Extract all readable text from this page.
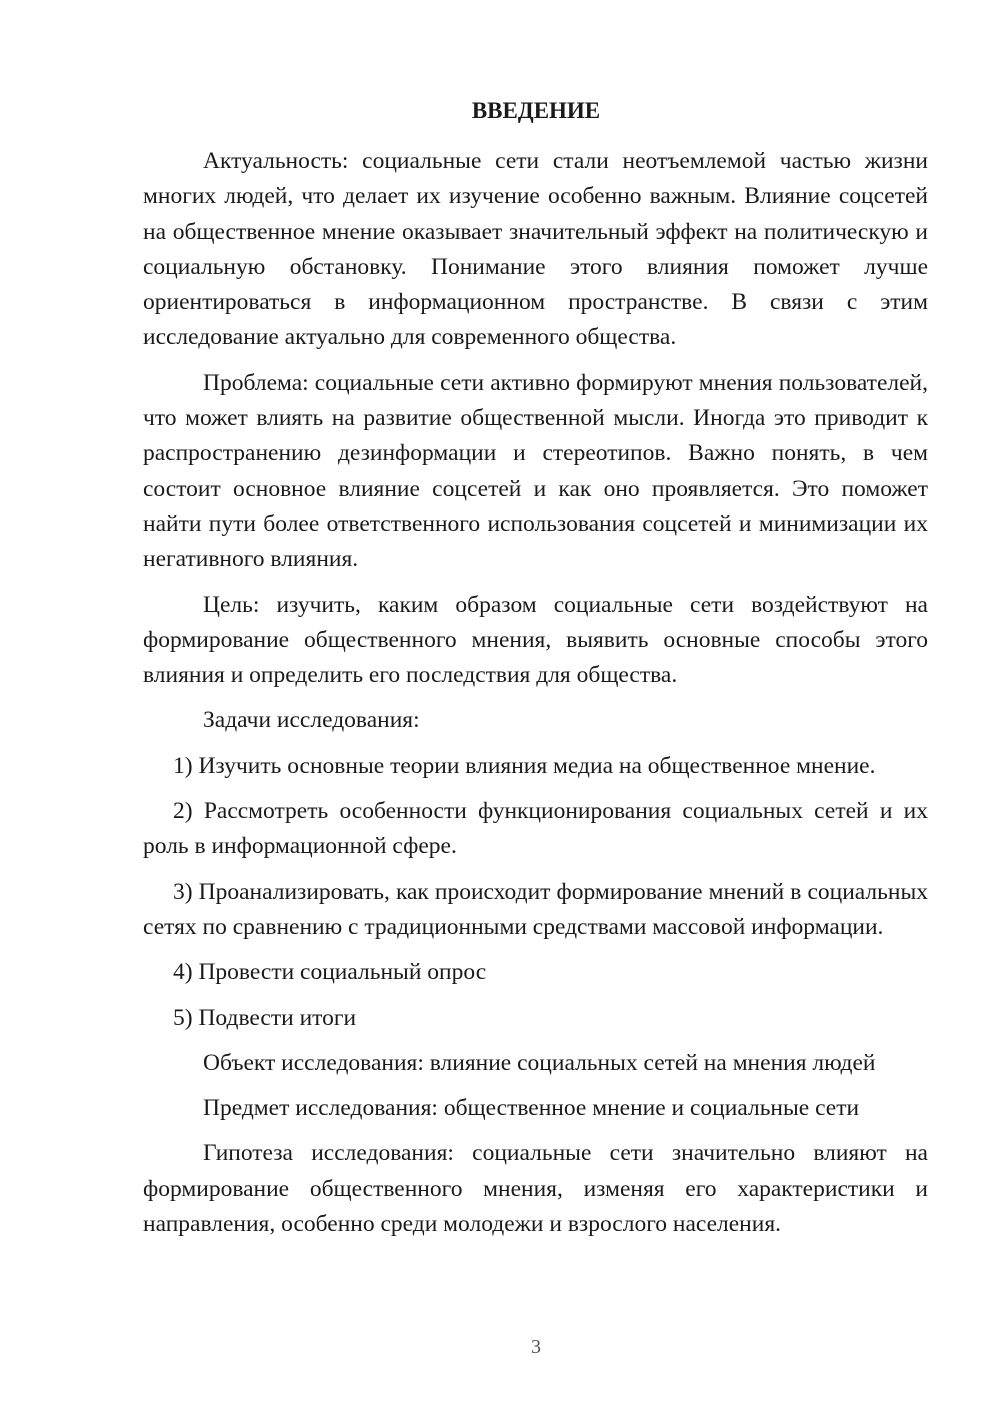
ВВЕДЕНИЕ

Актуальность: социальные сети стали неотъемлемой частью жизни многих людей, что делает их изучение особенно важным. Влияние соцсетей на общественное мнение оказывает значительный эффект на политическую и социальную обстановку. Понимание этого влияния поможет лучше ориентироваться в информационном пространстве. В связи с этим исследование актуально для современного общества.

Проблема: социальные сети активно формируют мнения пользователей, что может влиять на развитие общественной мысли. Иногда это приводит к распространению дезинформации и стереотипов. Важно понять, в чем состоит основное влияние соцсетей и как оно проявляется. Это поможет найти пути более ответственного использования соцсетей и минимизации их негативного влияния.

Цель: изучить, каким образом социальные сети воздействуют на формирование общественного мнения, выявить основные способы этого влияния и определить его последствия для общества.

Задачи исследования:

1) Изучить основные теории влияния медиа на общественное мнение.

2) Рассмотреть особенности функционирования социальных сетей и их роль в информационной сфере.

3) Проанализировать, как происходит формирование мнений в социальных сетях по сравнению с традиционными средствами массовой информации.

4) Провести социальный опрос

5) Подвести итоги

Объект исследования: влияние социальных сетей на мнения людей

Предмет исследования: общественное мнение и социальные сети

Гипотеза исследования: социальные сети значительно влияют на формирование общественного мнения, изменяя его характеристики и направления, особенно среди молодежи и взрослого населения.

3
